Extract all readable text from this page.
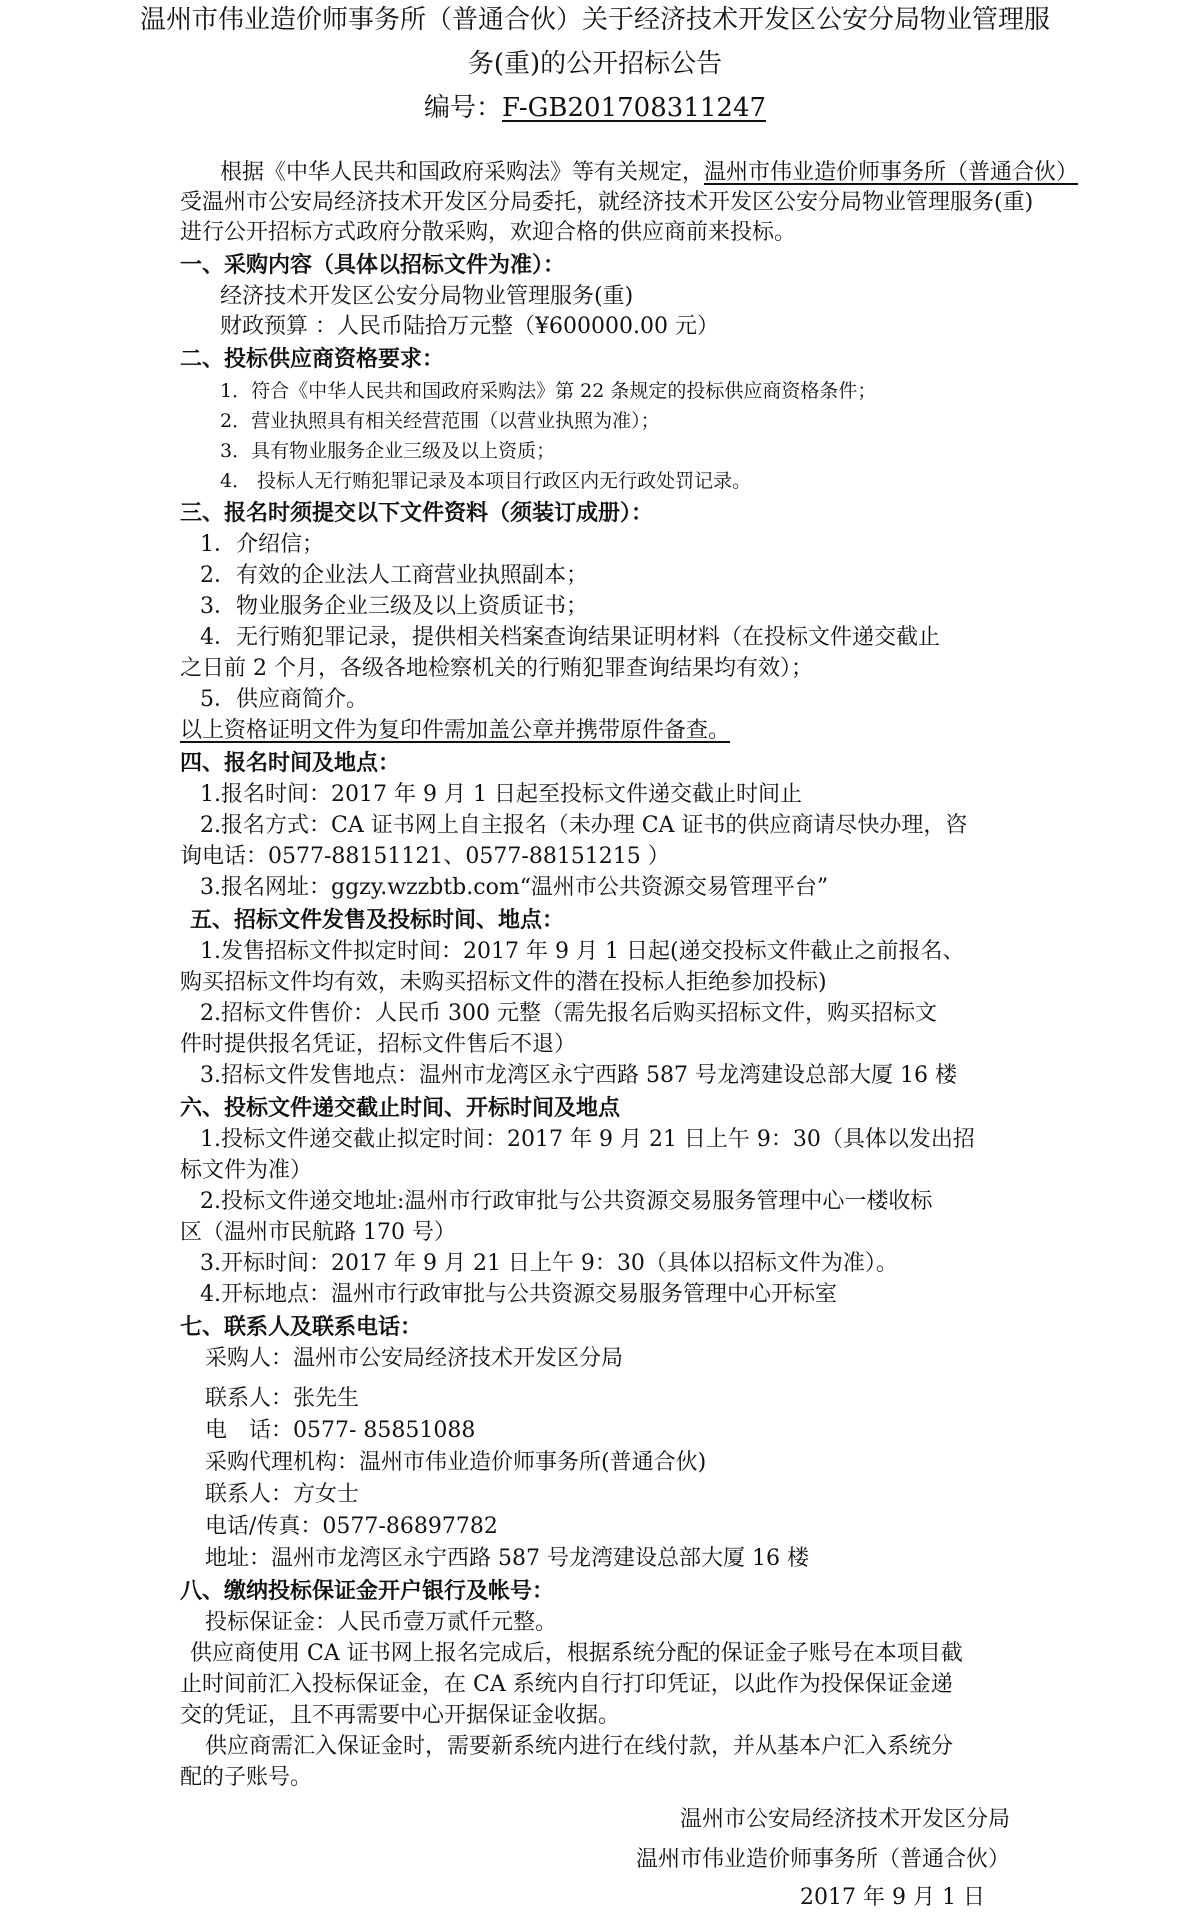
温州市伟业造价师事务所（普通合伙）关于经济技术开发区公安分局物业管理服
务(重)的公开招标公告
编号：F-GB201708311247
根据《中华人民共和国政府采购法》等有关规定，温州市伟业造价师事务所（普通合伙）
受温州市公安局经济技术开发区分局委托，就经济技术开发区公安分局物业管理服务(重)
进行公开招标方式政府分散采购，欢迎合格的供应商前来投标。
一、采购内容（具体以招标文件为准）：
经济技术开发区公安分局物业管理服务(重)
财政预算 ：人民币陆拾万元整（¥600000.00 元）
二、投标供应商资格要求：
1．符合《中华人民共和国政府采购法》第 22 条规定的投标供应商资格条件；
2．营业执照具有相关经营范围（以营业执照为准）；
3．具有物业服务企业三级及以上资质；
4． 投标人无行贿犯罪记录及本项目行政区内无行政处罚记录。
三、报名时须提交以下文件资料（须装订成册）：
1．介绍信；
2．有效的企业法人工商营业执照副本；
3．物业服务企业三级及以上资质证书；
4．无行贿犯罪记录，提供相关档案查询结果证明材料（在投标文件递交截止
之日前 2 个月，各级各地检察机关的行贿犯罪查询结果均有效）；
5．供应商简介。
以上资格证明文件为复印件需加盖公章并携带原件备查。
四、报名时间及地点：
1.报名时间：2017 年 9 月 1 日起至投标文件递交截止时间止
2.报名方式：CA 证书网上自主报名（未办理 CA 证书的供应商请尽快办理，咨
询电话：0577-88151121、0577-88151215 ）
3.报名网址：ggzy.wzzbtb.com“温州市公共资源交易管理平台”
五、招标文件发售及投标时间、地点：
1.发售招标文件拟定时间：2017 年 9 月 1 日起(递交投标文件截止之前报名、
购买招标文件均有效，未购买招标文件的潜在投标人拒绝参加投标)
2.招标文件售价：人民币 300 元整（需先报名后购买招标文件，购买招标文
件时提供报名凭证，招标文件售后不退）
3.招标文件发售地点：温州市龙湾区永宁西路 587 号龙湾建设总部大厦 16 楼
六、投标文件递交截止时间、开标时间及地点
1.投标文件递交截止拟定时间：2017 年 9 月 21 日上午 9：30（具体以发出招
标文件为准）
2.投标文件递交地址:温州市行政审批与公共资源交易服务管理中心一楼收标
区（温州市民航路 170 号）
3.开标时间：2017 年 9 月 21 日上午 9：30（具体以招标文件为准）。
4.开标地点：温州市行政审批与公共资源交易服务管理中心开标室
七、联系人及联系电话：
采购人：温州市公安局经济技术开发区分局
联系人：张先生
电　话：0577- 85851088
采购代理机构：温州市伟业造价师事务所(普通合伙)
联系人：方女士
电话/传真：0577-86897782
地址：温州市龙湾区永宁西路 587 号龙湾建设总部大厦 16 楼
八、缴纳投标保证金开户银行及帐号：
投标保证金：人民币壹万贰仟元整。
供应商使用 CA 证书网上报名完成后，根据系统分配的保证金子账号在本项目截
止时间前汇入投标保证金，在 CA 系统内自行打印凭证，以此作为投保保证金递
交的凭证，且不再需要中心开据保证金收据。
供应商需汇入保证金时，需要新系统内进行在线付款，并从基本户汇入系统分
配的子账号。
温州市公安局经济技术开发区分局
温州市伟业造价师事务所（普通合伙）
2017 年 9 月 1 日
